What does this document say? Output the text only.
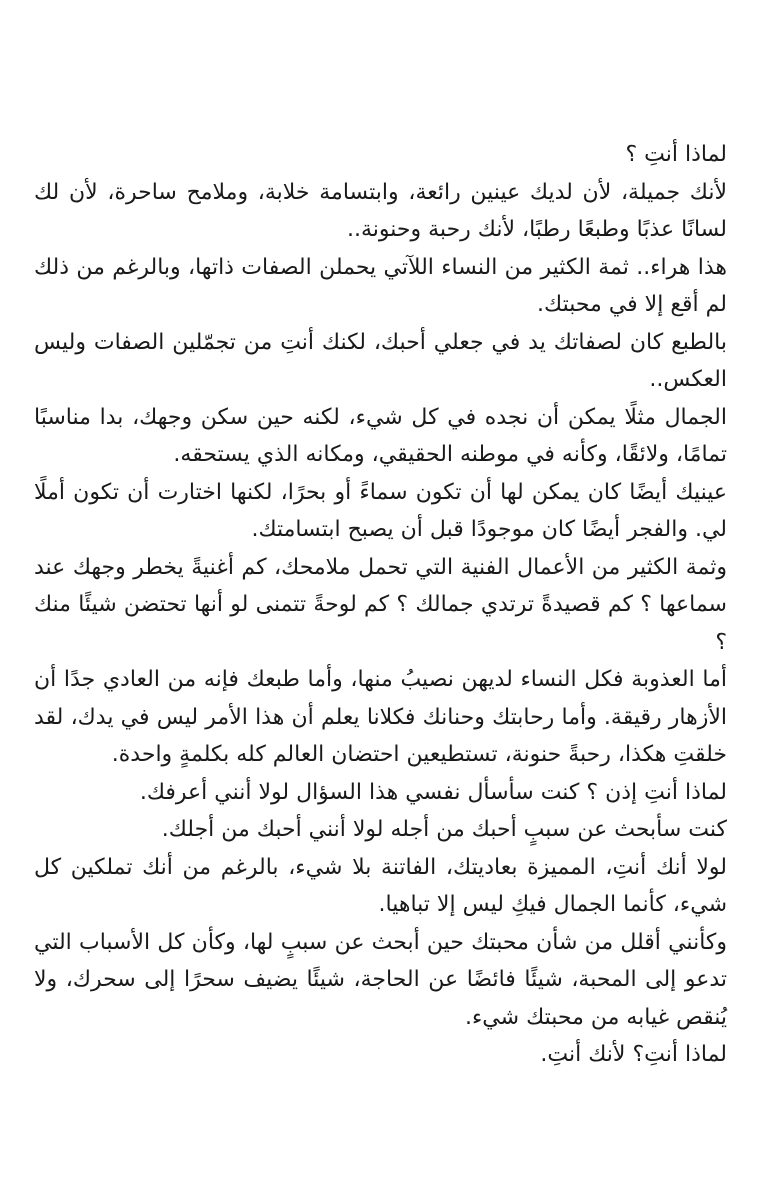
لماذا أنتِ ؟

لأنك جميلة، لأن لديك عينين رائعة، وابتسامة خلابة، وملامح ساحرة، لأن لك لسانًا عذبًا وطبعًا رطبًا، لأنك رحبة وحنونة..

هذا هراء.. ثمة الكثير من النساء اللآتي يحملن الصفات ذاتها، وبالرغم من ذلك لم أقع إلا في محبتك.

بالطبع كان لصفاتك يد في جعلي أحبك، لكنك أنتِ من تجمّلين الصفات وليس العكس..

الجمال مثلًا يمكن أن نجده في كل شيء، لكنه حين سكن وجهك، بدا مناسبًا تمامًا، ولائقًا، وكأنه في موطنه الحقيقي، ومكانه الذي يستحقه.

عينيك أيضًا كان يمكن لها أن تكون سماءً أو بحرًا، لكنها اختارت أن تكون أملًا لي. والفجر أيضًا كان موجودًا قبل أن يصبح ابتسامتك.

وثمة الكثير من الأعمال الفنية التي تحمل ملامحك، كم أغنيةً يخطر وجهك عند سماعها ؟ كم قصيدةً ترتدي جمالك ؟ كم لوحةً تتمنى لو أنها تحتضن شيئًا منك ؟

أما العذوبة فكل النساء لديهن نصيبُ منها، وأما طبعك فإنه من العادي جدًا أن الأزهار رقيقة. وأما رحابتك وحنانك فكلانا يعلم أن هذا الأمر ليس في يدك، لقد خلقتِ هكذا، رحبةً حنونة، تستطيعين احتضان العالم كله بكلمةٍ واحدة.

لماذا أنتِ إذن ؟ كنت سأسأل نفسي هذا السؤال لولا أنني أعرفك.

كنت سأبحث عن سببٍ أحبك من أجله لولا أنني أحبك من أجلك.

لولا أنك أنتِ، المميزة بعاديتك، الفاتنة بلا شيء، بالرغم من أنك تملكين كل شيء، كأنما الجمال فيكِ ليس إلا تباهيا.

وكأنني أقلل من شأن محبتك حين أبحث عن سببٍ لها، وكأن كل الأسباب التي تدعو إلى المحبة، شيئًا فائضًا عن الحاجة، شيئًا يضيف سحرًا إلى سحرك، ولا يُنقص غيابه من محبتك شيء.

لماذا أنتِ؟ لأنك أنتِ.
